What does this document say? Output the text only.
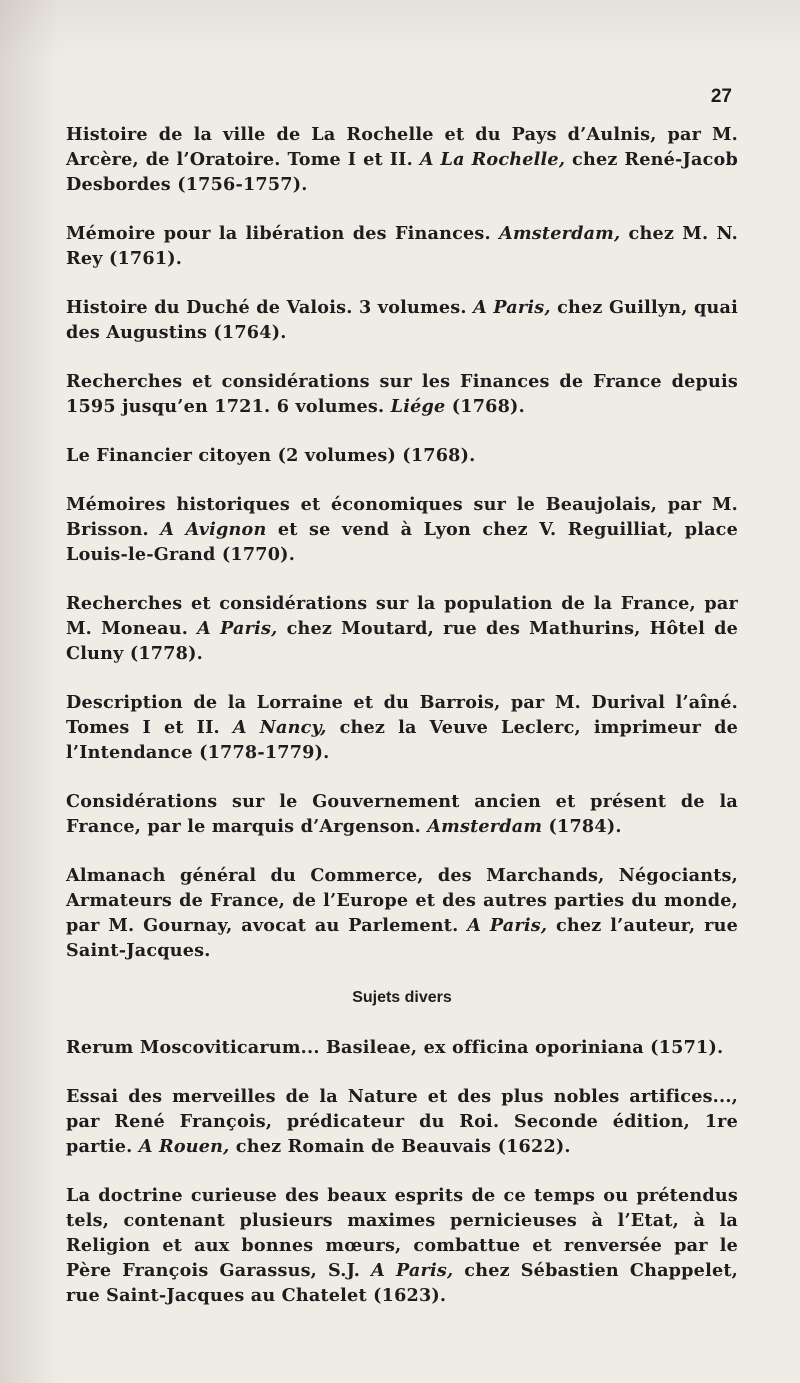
27

Histoire de la ville de La Rochelle et du Pays d’Aulnis, par M. Arcère, de l’Oratoire. Tome I et II. A La Rochelle, chez René-Jacob Desbordes (1756-1757).

Mémoire pour la libération des Finances. Amsterdam, chez M. N. Rey (1761).

Histoire du Duché de Valois. 3 volumes. A Paris, chez Guillyn, quai des Augustins (1764).

Recherches et considérations sur les Finances de France depuis 1595 jusqu’en 1721. 6 volumes. Liége (1768).

Le Financier citoyen (2 volumes) (1768).

Mémoires historiques et économiques sur le Beaujolais, par M. Brisson. A Avignon et se vend à Lyon chez V. Reguilliat, place Louis-le-Grand (1770).

Recherches et considérations sur la population de la France, par M. Moneau. A Paris, chez Moutard, rue des Mathurins, Hôtel de Cluny (1778).

Description de la Lorraine et du Barrois, par M. Durival l’aîné. Tomes I et II. A Nancy, chez la Veuve Leclerc, imprimeur de l’Intendance (1778-1779).

Considérations sur le Gouvernement ancien et présent de la France, par le marquis d’Argenson. Amsterdam (1784).

Almanach général du Commerce, des Marchands, Négociants, Armateurs de France, de l’Europe et des autres parties du monde, par M. Gournay, avocat au Parlement. A Paris, chez l’auteur, rue Saint-Jacques.

Sujets divers

Rerum Moscoviticarum... Basileae, ex officina oporiniana (1571).

Essai des merveilles de la Nature et des plus nobles artifices..., par René François, prédicateur du Roi. Seconde édition, 1re partie. A Rouen, chez Romain de Beauvais (1622).

La doctrine curieuse des beaux esprits de ce temps ou prétendus tels, contenant plusieurs maximes pernicieuses à l’Etat, à la Religion et aux bonnes mœurs, combattue et renversée par le Père François Garassus, S.J. A Paris, chez Sébastien Chappelet, rue Saint-Jacques au Chatelet (1623).
